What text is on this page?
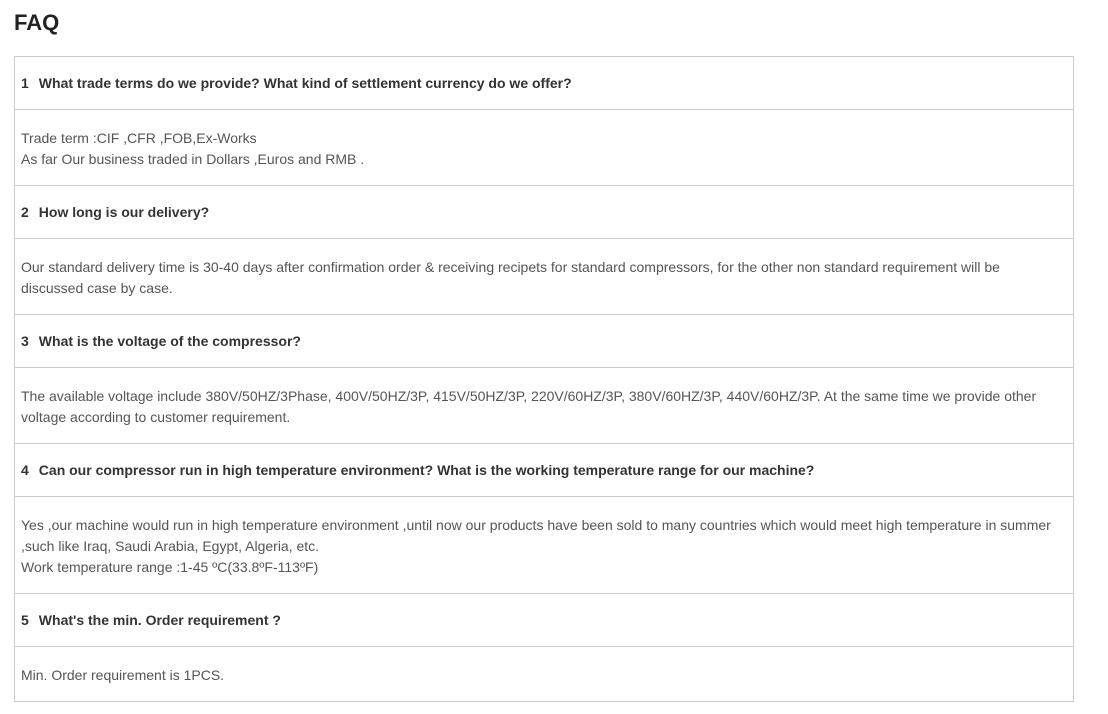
FAQ
1 What trade terms do we provide? What kind of settlement currency do we offer?

Trade term :CIF ,CFR ,FOB,Ex-Works
As far Our business traded in Dollars ,Euros and RMB .

2 How long is our delivery?

Our standard delivery time is 30-40 days after confirmation order & receiving recipets for standard compressors, for the other non standard requirement will be discussed case by case.

3 What is the voltage of the compressor?

The available voltage include 380V/50HZ/3Phase, 400V/50HZ/3P, 415V/50HZ/3P, 220V/60HZ/3P, 380V/60HZ/3P, 440V/60HZ/3P. At the same time we provide other voltage according to customer requirement.

4 Can our compressor run in high temperature environment? What is the working temperature range for our machine?

Yes ,our machine would run in high temperature environment ,until now our products have been sold to many countries which would meet high temperature in summer ,such like Iraq, Saudi Arabia, Egypt, Algeria, etc.
Work temperature range :1-45 ºC(33.8ºF-113ºF)

5 What's the min. Order requirement ?

Min. Order requirement is 1PCS.
